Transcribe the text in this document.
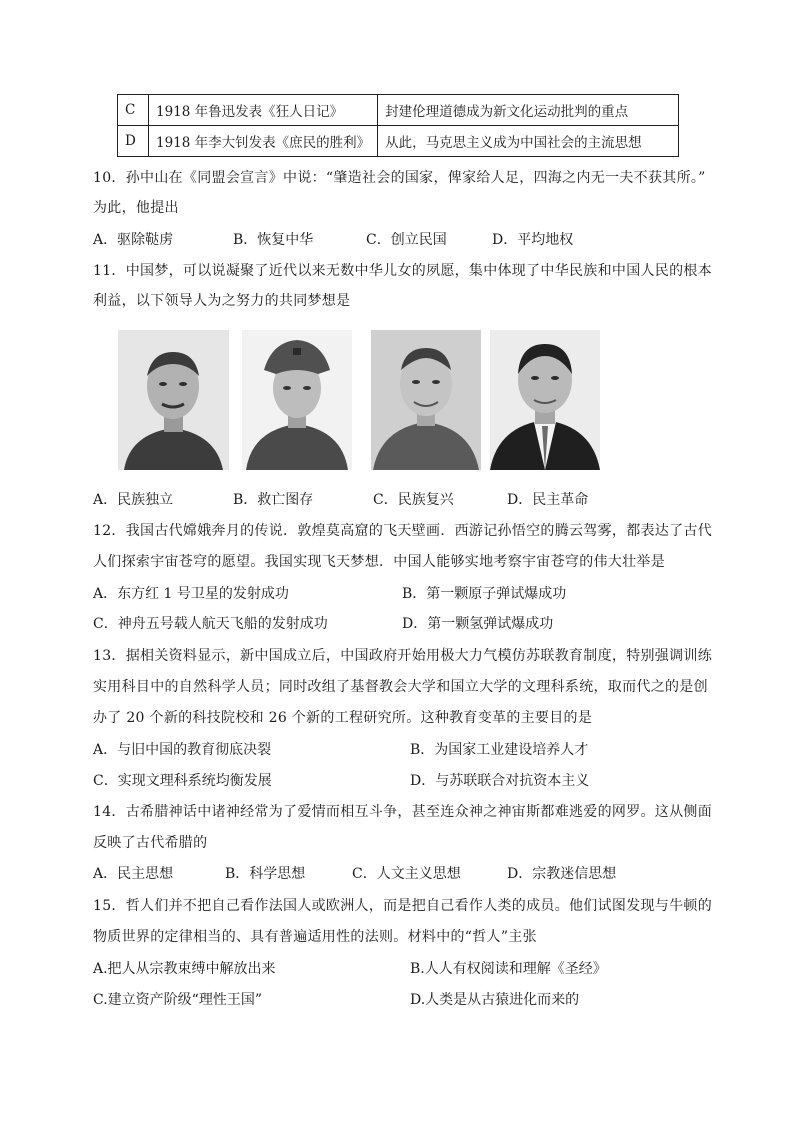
C	1918 年鲁迅发表《狂人日记》	封建伦理道德成为新文化运动批判的重点
D	1918 年李大钊发表《庶民的胜利》	从此，马克思主义成为中国社会的主流思想
10．孙中山在《同盟会宣言》中说：“肇造社会的国家，俾家给人足，四海之内无一夫不获其所。”
为此，他提出
A．驱除鞑虏	B．恢复中华	C．创立民国	D．平均地权
11．中国梦，可以说凝聚了近代以来无数中华儿女的夙愿，集中体现了中华民族和中国人民的根本
利益，以下领导人为之努力的共同梦想是
A．民族独立	B．救亡图存	C．民族复兴	D．民主革命
12．我国古代嫦娥奔月的传说．敦煌莫高窟的飞天壁画．西游记孙悟空的腾云驾雾，都表达了古代
人们探索宇宙苍穹的愿望。我国实现飞天梦想．中国人能够实地考察宇宙苍穹的伟大壮举是
A．东方红 1 号卫星的发射成功	B．第一颗原子弹试爆成功
C．神舟五号载人航天飞船的发射成功	D．第一颗氢弹试爆成功
13．据相关资料显示，新中国成立后，中国政府开始用极大力气模仿苏联教育制度，特别强调训练
实用科目中的自然科学人员；同时改组了基督教会大学和国立大学的文理科系统，取而代之的是创
办了 20 个新的科技院校和 26 个新的工程研究所。这种教育变革的主要目的是
A．与旧中国的教育彻底决裂	B．为国家工业建设培养人才
C．实现文理科系统均衡发展	D．与苏联联合对抗资本主义
14．古希腊神话中诸神经常为了爱情而相互斗争，甚至连众神之神宙斯都难逃爱的网罗。这从侧面
反映了古代希腊的
A．民主思想	B．科学思想	C．人文主义思想	D．宗教迷信思想
15．哲人们并不把自己看作法国人或欧洲人，而是把自己看作人类的成员。他们试图发现与牛顿的
物质世界的定律相当的、具有普遍适用性的法则。材料中的“哲人”主张
A.把人从宗教束缚中解放出来	B.人人有权阅读和理解《圣经》
C.建立资产阶级“理性王国”	D.人类是从古猿进化而来的
